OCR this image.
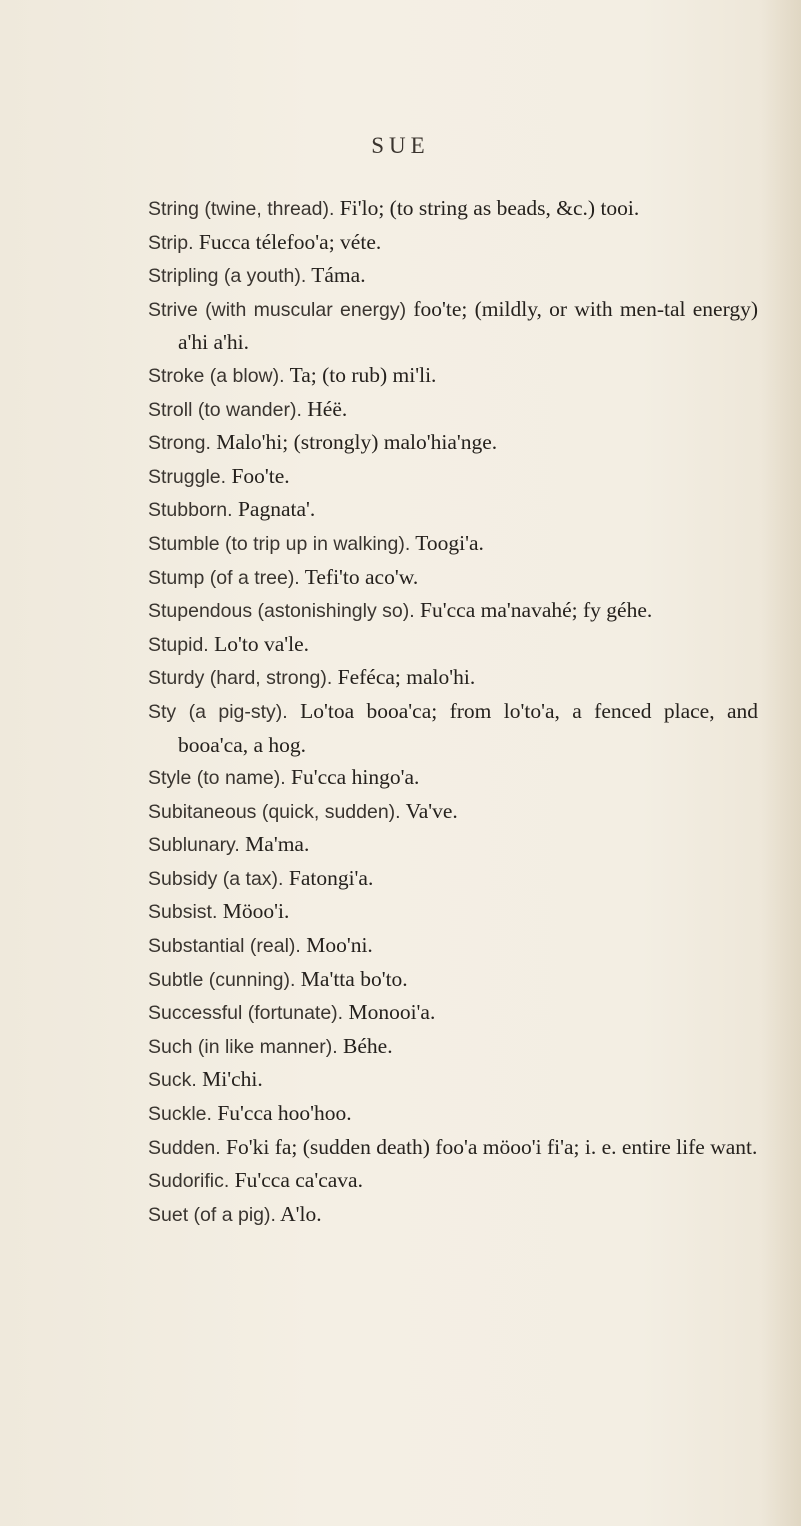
SUE

String (twine, thread). Fi'lo; (to string as beads, &c.) tooi.

Strip. Fucca télefoo'a; véte.

Stripling (a youth). Táma.

Strive (with muscular energy) foo'te; (mildly, or with men-tal energy) a'hi a'hi.

Stroke (a blow). Ta; (to rub) mi'li.

Stroll (to wander). Héë.

Strong. Malo'hi; (strongly) malo'hia'nge.

Struggle. Foo'te.

Stubborn. Pagnata'.

Stumble (to trip up in walking). Toogi'a.

Stump (of a tree). Tefi'to aco'w.

Stupendous (astonishingly so). Fu'cca ma'navahé; fy géhe.

Stupid. Lo'to va'le.

Sturdy (hard, strong). Feféca; malo'hi.

Sty (a pig-sty). Lo'toa booa'ca; from lo'to'a, a fenced place, and booa'ca, a hog.

Style (to name). Fu'cca hingo'a.

Subitaneous (quick, sudden). Va've.

Sublunary. Ma'ma.

Subsidy (a tax). Fatongi'a.

Subsist. Möoo'i.

Substantial (real). Moo'ni.

Subtle (cunning). Ma'tta bo'to.

Successful (fortunate). Monooi'a.

Such (in like manner). Béhe.

Suck. Mi'chi.

Suckle. Fu'cca hoo'hoo.

Sudden. Fo'ki fa; (sudden death) foo'a möoo'i fi'a; i. e. entire life want.

Sudorific. Fu'cca ca'cava.

Suet (of a pig). A'lo.
